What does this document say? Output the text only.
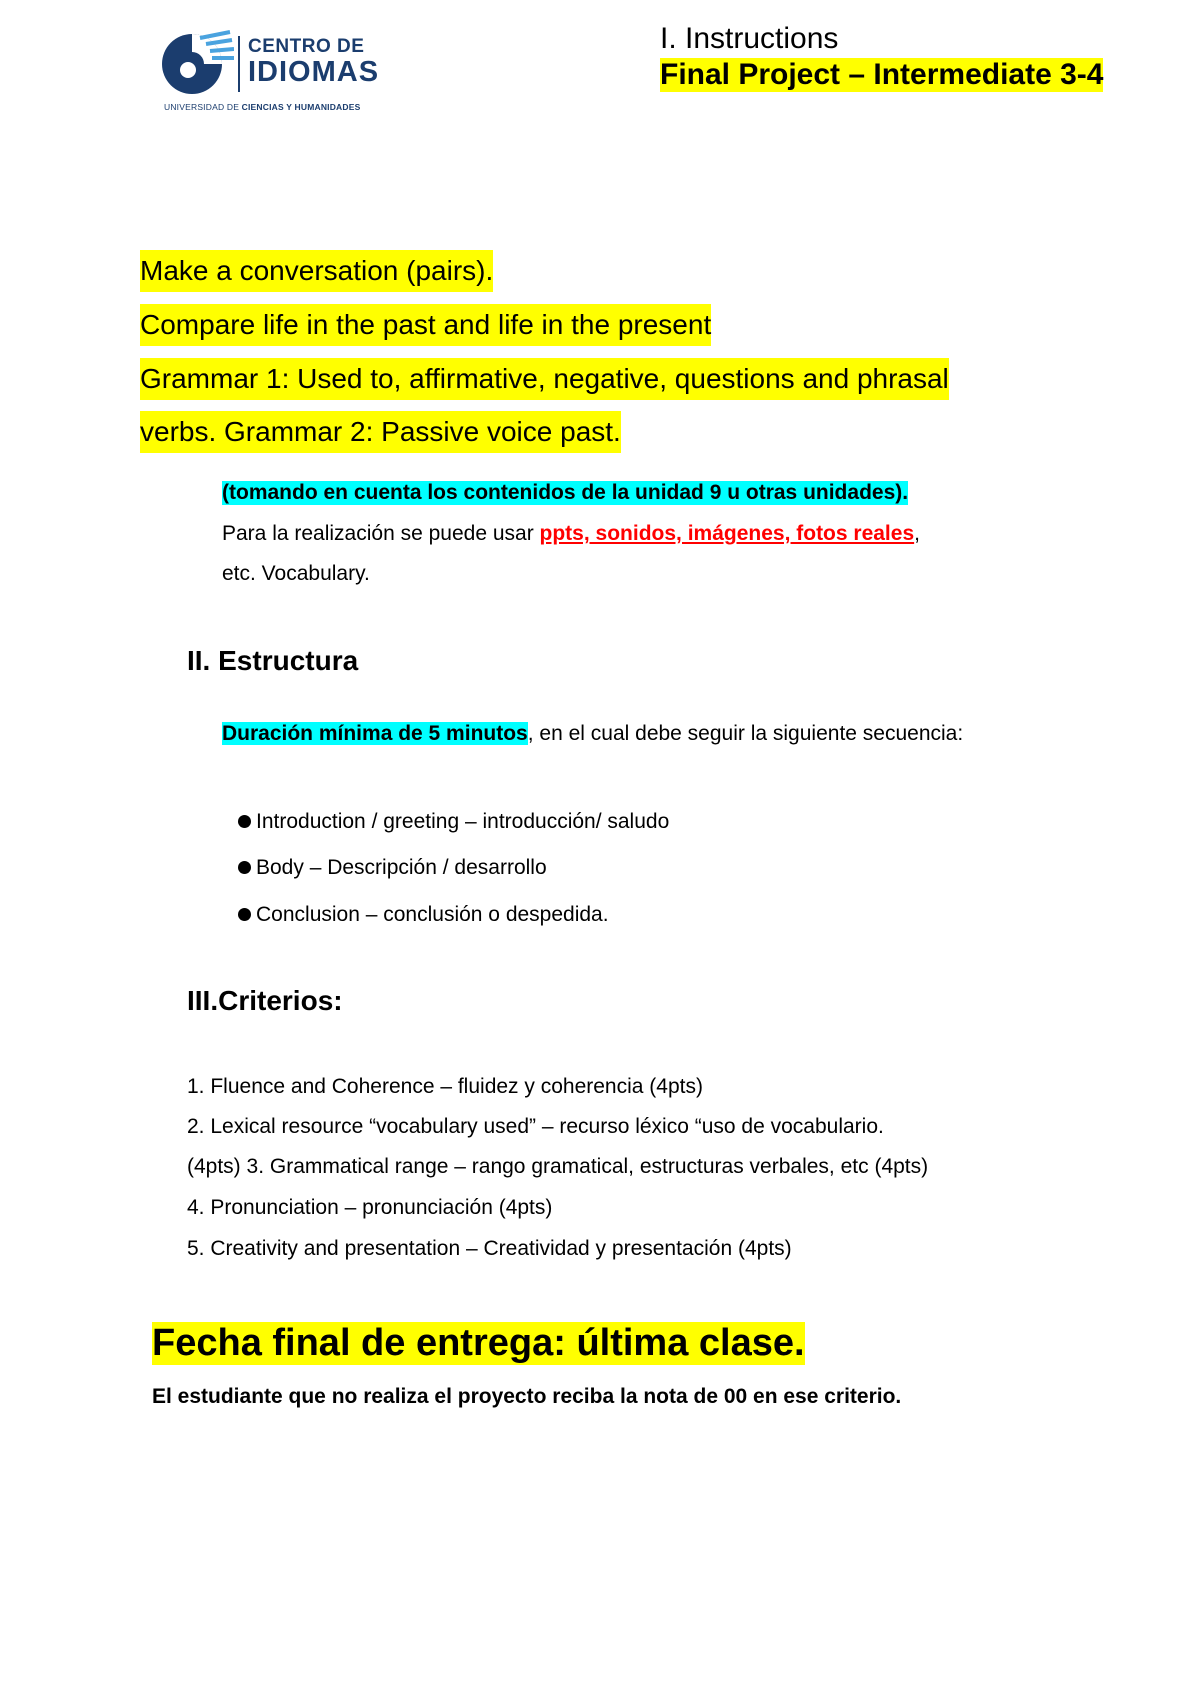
CENTRO DE
IDIOMAS
UNIVERSIDAD DE CIENCIAS Y HUMANIDADES
I. Instructions
Final Project – Intermediate 3-4
Make a conversation (pairs).
Compare life in the past and life in the present
Grammar 1: Used to, affirmative, negative, questions and phrasal
verbs. Grammar 2: Passive voice past.
(tomando en cuenta los contenidos de la unidad 9 u otras unidades).
Para la realización se puede usar ppts, sonidos, imágenes, fotos reales,
etc. Vocabulary.
II. Estructura
Duración mínima de 5 minutos, en el cual debe seguir la siguiente secuencia:
Introduction / greeting – introducción/ saludo
Body – Descripción / desarrollo
Conclusion – conclusión o despedida.
III.Criterios:
1. Fluence and Coherence – fluidez y coherencia (4pts)
2. Lexical resource “vocabulary used” – recurso léxico “uso de vocabulario.
(4pts) 3. Grammatical range – rango gramatical, estructuras verbales, etc (4pts)
4. Pronunciation – pronunciación (4pts)
5. Creativity and presentation – Creatividad y presentación (4pts)
Fecha final de entrega: última clase.
El estudiante que no realiza el proyecto reciba la nota de 00 en ese criterio.
